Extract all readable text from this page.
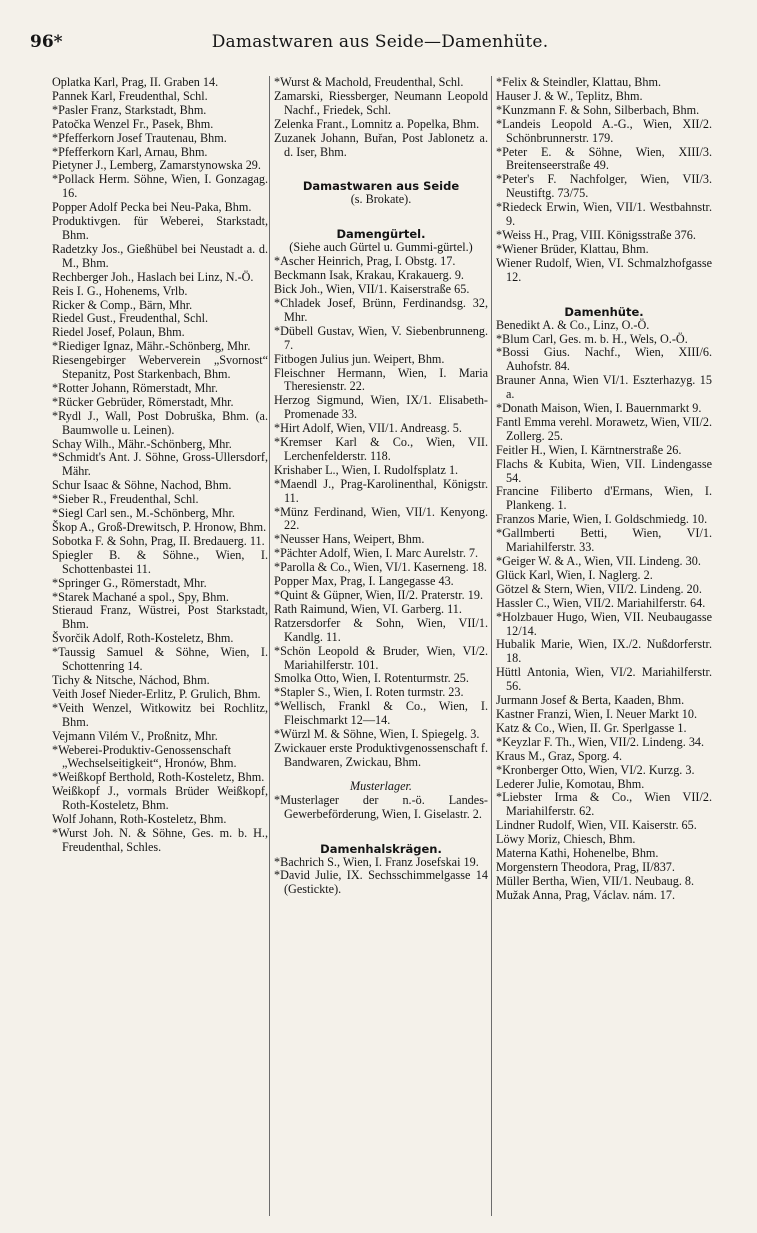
96*	Damastwaren aus Seide—Damenhüte.
Oplatka Karl, Prag, II. Graben 14.
Pannek Karl, Freudenthal, Schl.
*Pasler Franz, Starkstadt, Bhm.
Patočka Wenzel Fr., Pasek, Bhm.
*Pfefferkorn Josef Trautenau, Bhm.
*Pfefferkorn Karl, Arnau, Bhm.
Pietyner J., Lemberg, Zamarstynowska 29.
*Pollack Herm. Söhne, Wien, I. Gonzagag. 16.
Popper Adolf Pecka bei Neu-Paka, Bhm.
Produktivgen. für Weberei, Starkstadt, Bhm.
Radetzky Jos., Gießhübel bei Neustadt a. d. M., Bhm.
Rechberger Joh., Haslach bei Linz, N.-Ö.
Reis I. G., Hohenems, Vrlb.
Ricker & Comp., Bärn, Mhr.
Riedel Gust., Freudenthal, Schl.
Riedel Josef, Polaun, Bhm.
*Riediger Ignaz, Mähr.-Schönberg, Mhr.
Riesengebirger Weberverein „Svornost“ Stepanitz, Post Starkenbach, Bhm.
*Rotter Johann, Römerstadt, Mhr.
*Rücker Gebrüder, Römerstadt, Mhr.
*Rydl J., Wall, Post Dobruška, Bhm. (a. Baumwolle u. Leinen).
Schay Wilh., Mähr.-Schönberg, Mhr.
*Schmidt's Ant. J. Söhne, Gross-Ullersdorf, Mähr.
Schur Isaac & Söhne, Nachod, Bhm.
*Sieber R., Freudenthal, Schl.
*Siegl Carl sen., M.-Schönberg, Mhr.
Škop A., Groß-Drewitsch, P. Hronow, Bhm.
Sobotka F. & Sohn, Prag, II. Bredauerg. 11.
Spiegler B. & Söhne., Wien, I. Schottenbastei 11.
*Springer G., Römerstadt, Mhr.
*Starek Machané a spol., Spy, Bhm.
Stieraud Franz, Wüstrei, Post Starkstadt, Bhm.
Švorčik Adolf, Roth-Kosteletz, Bhm.
*Taussig Samuel & Söhne, Wien, I. Schottenring 14.
Tichy & Nitsche, Náchod, Bhm.
Veith Josef Nieder-Erlitz, P. Grulich, Bhm.
*Veith Wenzel, Witkowitz bei Rochlitz, Bhm.
Vejmann Vilém V., Proßnitz, Mhr.
*Weberei-Produktiv-Genossenschaft „Wechselseitigkeit“, Hronów, Bhm.
*Weißkopf Berthold, Roth-Kosteletz, Bhm.
Weißkopf J., vormals Brüder Weißkopf, Roth-Kosteletz, Bhm.
Wolf Johann, Roth-Kosteletz, Bhm.
*Wurst Joh. N. & Söhne, Ges. m. b. H., Freudenthal, Schles.
*Wurst & Machold, Freudenthal, Schl.
Zamarski, Riessberger, Neumann Leopold Nachf., Friedek, Schl.
Zelenka Frant., Lomnitz a. Popelka, Bhm.
Zuzanek Johann, Buřan, Post Jablonetz a. d. Iser, Bhm.
Damastwaren aus Seide
(s. Brokate).
Damengürtel.
(Siehe auch Gürtel u. Gummi-gürtel.)
*Ascher Heinrich, Prag, I. Obstg. 17.
Beckmann Isak, Krakau, Krakauerg. 9.
Bick Joh., Wien, VII/1. Kaiserstraße 65.
*Chladek Josef, Brünn, Ferdinandsg. 32, Mhr.
*Dübell Gustav, Wien, V. Siebenbrunneng. 7.
Fitbogen Julius jun. Weipert, Bhm.
Fleischner Hermann, Wien, I. Maria Theresienstr. 22.
Herzog Sigmund, Wien, IX/1. Elisabeth-Promenade 33.
*Hirt Adolf, Wien, VII/1. Andreasg. 5.
*Kremser Karl & Co., Wien, VII. Lerchenfelderstr. 118.
Krishaber L., Wien, I. Rudolfsplatz 1.
*Maendl J., Prag-Karolinenthal, Königstr. 11.
*Münz Ferdinand, Wien, VII/1. Kenyong. 22.
*Neusser Hans, Weipert, Bhm.
*Pächter Adolf, Wien, I. Marc Aurelstr. 7.
*Parolla & Co., Wien, VI/1. Kaserneng. 18.
Popper Max, Prag, I. Langegasse 43.
*Quint & Güpner, Wien, II/2. Praterstr. 19.
Rath Raimund, Wien, VI. Garberg. 11.
Ratzersdorfer & Sohn, Wien, VII/1. Kandlg. 11.
*Schön Leopold & Bruder, Wien, VI/2. Mariahilferstr. 101.
Smolka Otto, Wien, I. Rotenturmstr. 25.
*Stapler S., Wien, I. Roten turmstr. 23.
*Wellisch, Frankl & Co., Wien, I. Fleischmarkt 12—14.
*Würzl M. & Söhne, Wien, I. Spiegelg. 3.
Zwickauer erste Produktivgenossenschaft f. Bandwaren, Zwickau, Bhm.
Musterlager.
*Musterlager der n.-ö. Landes-Gewerbeförderung, Wien, I. Giselastr. 2.
Damenhalskrägen.
*Bachrich S., Wien, I. Franz Josefskai 19.
*David Julie, IX. Sechsschimmelgasse 14 (Gestickte).
*Felix & Steindler, Klattau, Bhm.
Hauser J. & W., Teplitz, Bhm.
*Kunzmann F. & Sohn, Silberbach, Bhm.
*Landeis Leopold A.-G., Wien, XII/2. Schönbrunnerstr. 179.
*Peter E. & Söhne, Wien, XIII/3. Breitenseerstraße 49.
*Peter's F. Nachfolger, Wien, VII/3. Neustiftg. 73/75.
*Riedeck Erwin, Wien, VII/1. Westbahnstr. 9.
*Weiss H., Prag, VIII. Königsstraße 376.
*Wiener Brüder, Klattau, Bhm.
Wiener Rudolf, Wien, VI. Schmalzhofgasse 12.
Damenhüte.
Benedikt A. & Co., Linz, O.-Ö.
*Blum Carl, Ges. m. b. H., Wels, O.-Ö.
*Bossi Gius. Nachf., Wien, XIII/6. Auhofstr. 84.
Brauner Anna, Wien VI/1. Eszterhazyg. 15 a.
*Donath Maison, Wien, I. Bauernmarkt 9.
Fantl Emma verehl. Morawetz, Wien, VII/2. Zollerg. 25.
Feitler H., Wien, I. Kärntnerstraße 26.
Flachs & Kubita, Wien, VII. Lindengasse 54.
Francine Filiberto d'Ermans, Wien, I. Plankeng. 1.
Franzos Marie, Wien, I. Goldschmiedg. 10.
*Gallmberti Betti, Wien, VI/1. Mariahilferstr. 33.
*Geiger W. & A., Wien, VII. Lindeng. 30.
Glück Karl, Wien, I. Naglerg. 2.
Götzel & Stern, Wien, VII/2. Lindeng. 20.
Hassler C., Wien, VII/2. Mariahilferstr. 64.
*Holzbauer Hugo, Wien, VII. Neubaugasse 12/14.
Hubalik Marie, Wien, IX./2. Nußdorferstr. 18.
Hüttl Antonia, Wien, VI/2. Mariahilferstr. 56.
Jurmann Josef & Berta, Kaaden, Bhm.
Kastner Franzi, Wien, I. Neuer Markt 10.
Katz & Co., Wien, II. Gr. Sperlgasse 1.
*Keyzlar F. Th., Wien, VII/2. Lindeng. 34.
Kraus M., Graz, Sporg. 4.
*Kronberger Otto, Wien, VI/2. Kurzg. 3.
Lederer Julie, Komotau, Bhm.
*Liebster Irma & Co., Wien VII/2. Mariahilferstr. 62.
Lindner Rudolf, Wien, VII. Kaiserstr. 65.
Löwy Moriz, Chiesch, Bhm.
Materna Kathi, Hohenelbe, Bhm.
Morgenstern Theodora, Prag, II/837.
Müller Bertha, Wien, VII/1. Neubaug. 8.
Mužak Anna, Prag, Václav. nám. 17.
